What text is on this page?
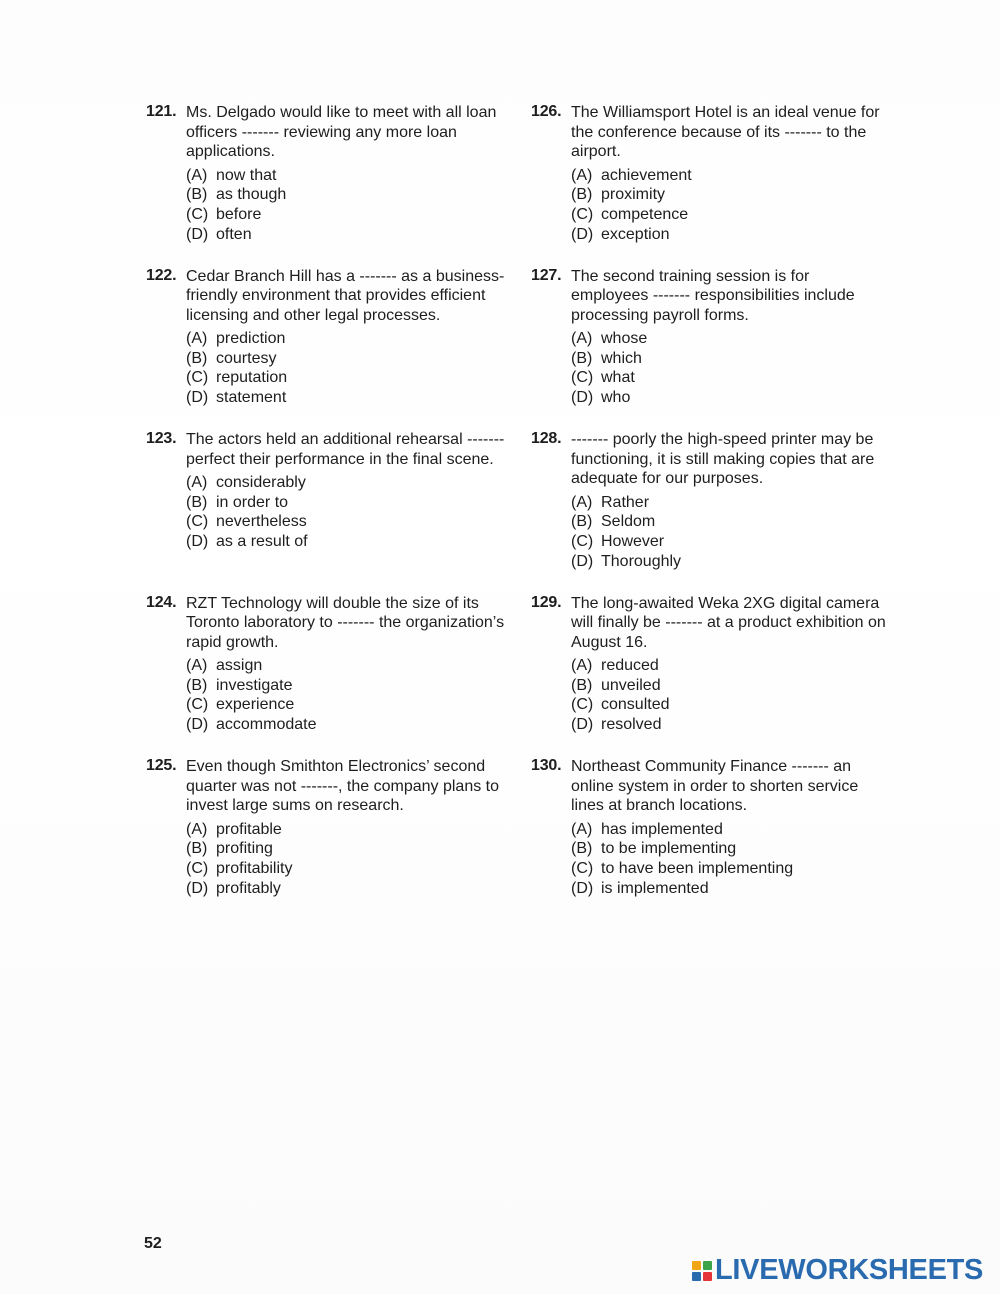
121. Ms. Delgado would like to meet with all loan officers ------- reviewing any more loan applications.

(A) now that
(B) as though
(C) before
(D) often
122. Cedar Branch Hill has a ------- as a business-friendly environment that provides efficient licensing and other legal processes.

(A) prediction
(B) courtesy
(C) reputation
(D) statement
123. The actors held an additional rehearsal ------- perfect their performance in the final scene.

(A) considerably
(B) in order to
(C) nevertheless
(D) as a result of
124. RZT Technology will double the size of its Toronto laboratory to ------- the organization’s rapid growth.

(A) assign
(B) investigate
(C) experience
(D) accommodate
125. Even though Smithton Electronics’ second quarter was not -------, the company plans to invest large sums on research.

(A) profitable
(B) profiting
(C) profitability
(D) profitably
126. The Williamsport Hotel is an ideal venue for the conference because of its ------- to the airport.

(A) achievement
(B) proximity
(C) competence
(D) exception
127. The second training session is for employees ------- responsibilities include processing payroll forms.

(A) whose
(B) which
(C) what
(D) who
128. ------- poorly the high-speed printer may be functioning, it is still making copies that are adequate for our purposes.

(A) Rather
(B) Seldom
(C) However
(D) Thoroughly
129. The long-awaited Weka 2XG digital camera will finally be ------- at a product exhibition on August 16.

(A) reduced
(B) unveiled
(C) consulted
(D) resolved
130. Northeast Community Finance ------- an online system in order to shorten service lines at branch locations.

(A) has implemented
(B) to be implementing
(C) to have been implementing
(D) is implemented
52
LIVEWORKSHEETS
